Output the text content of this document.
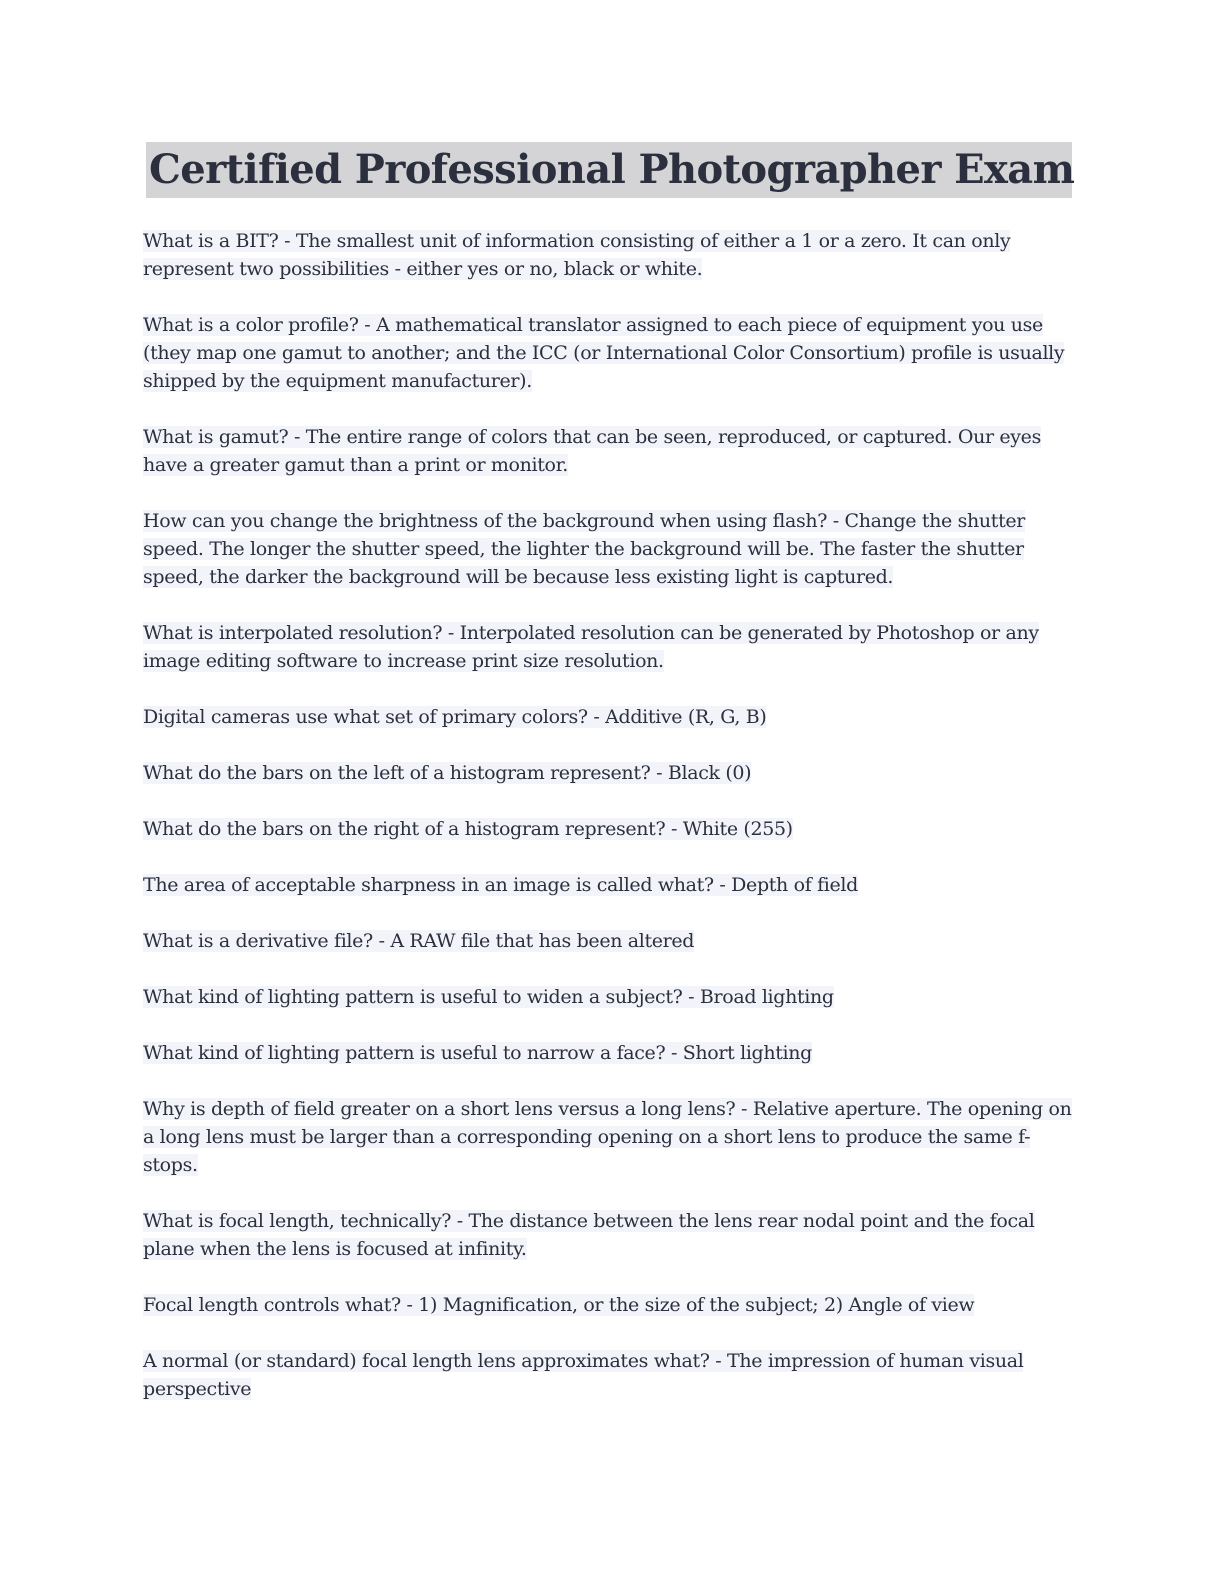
Certified Professional Photographer Exam

What is a BIT? - The smallest unit of information consisting of either a 1 or a zero. It can only represent two possibilities - either yes or no, black or white.

What is a color profile? - A mathematical translator assigned to each piece of equipment you use (they map one gamut to another; and the ICC (or International Color Consortium) profile is usually shipped by the equipment manufacturer).

What is gamut? - The entire range of colors that can be seen, reproduced, or captured. Our eyes have a greater gamut than a print or monitor.

How can you change the brightness of the background when using flash? - Change the shutter speed. The longer the shutter speed, the lighter the background will be. The faster the shutter speed, the darker the background will be because less existing light is captured.

What is interpolated resolution? - Interpolated resolution can be generated by Photoshop or any image editing software to increase print size resolution.

Digital cameras use what set of primary colors? - Additive (R, G, B)

What do the bars on the left of a histogram represent? - Black (0)

What do the bars on the right of a histogram represent? - White (255)

The area of acceptable sharpness in an image is called what? - Depth of field

What is a derivative file? - A RAW file that has been altered

What kind of lighting pattern is useful to widen a subject? - Broad lighting

What kind of lighting pattern is useful to narrow a face? - Short lighting

Why is depth of field greater on a short lens versus a long lens? - Relative aperture. The opening on a long lens must be larger than a corresponding opening on a short lens to produce the same f-stops.

What is focal length, technically? - The distance between the lens rear nodal point and the focal plane when the lens is focused at infinity.

Focal length controls what? - 1) Magnification, or the size of the subject; 2) Angle of view

A normal (or standard) focal length lens approximates what? - The impression of human visual perspective
